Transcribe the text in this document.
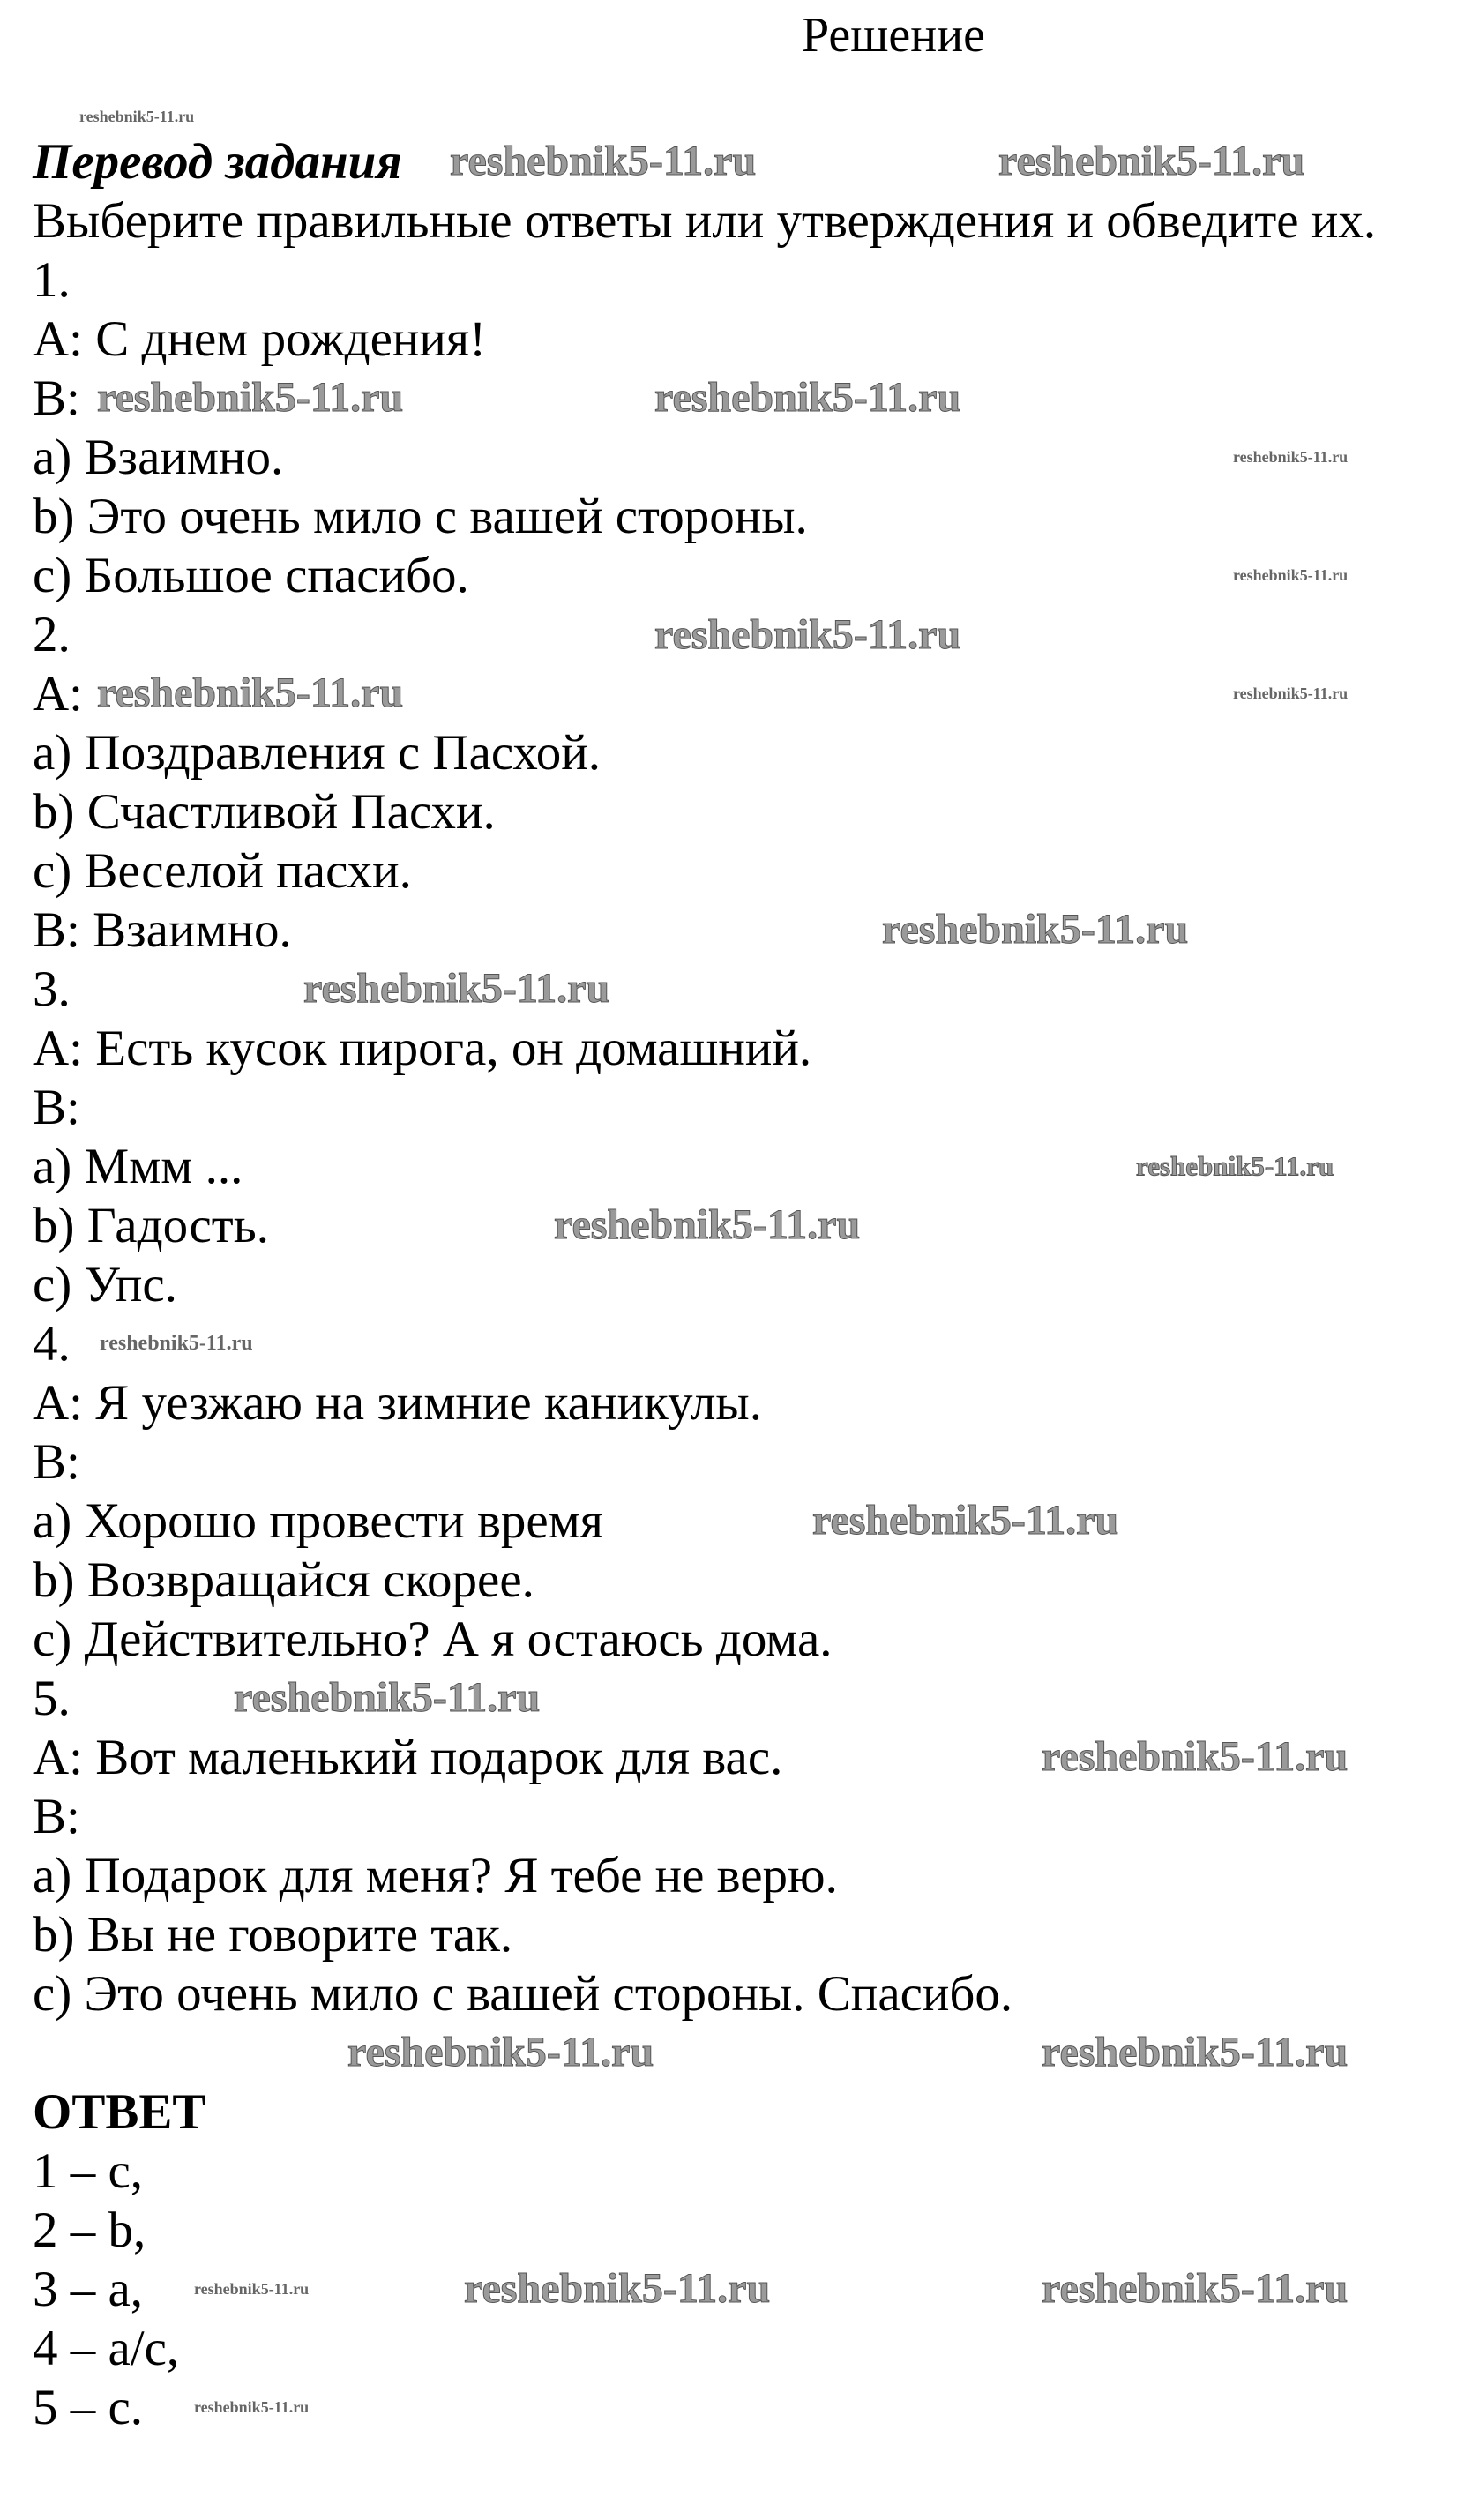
Решение
Перевод задания
Выберите правильные ответы или утверждения и обведите их.
1.
A: С днем рождения!
B:
a) Взаимно.
b) Это очень мило с вашей стороны.
c) Большое спасибо.
2.
A:
a) Поздравления с Пасхой.
b) Счастливой Пасхи.
c) Веселой пасхи.
B: Взаимно.
3.
A: Есть кусок пирога, он домашний.
B:
a) Ммм ...
b) Гадость.
c) Упс.
4.
A: Я уезжаю на зимние каникулы.
B:
a) Хорошо провести время
b) Возвращайся скорее.
c) Действительно? А я остаюсь дома.
5.
A: Вот маленький подарок для вас.
B:
a) Подарок для меня? Я тебе не верю.
b) Вы не говорите так.
c) Это очень мило с вашей стороны. Спасибо.
ОТВЕТ
1 – c,
2 – b,
3 – a,
4 – a/c,
5 – c.
reshebnik5-11.ru	reshebnik5-11.ru
reshebnik5-11.ru
reshebnik5-11.ru	reshebnik5-11.ru
reshebnik5-11.ru
reshebnik5-11.ru
reshebnik5-11.ru
reshebnik5-11.ru
reshebnik5-11.ru
reshebnik5-11.ru
reshebnik5-11.ru
reshebnik5-11.ru
reshebnik5-11.ru
reshebnik5-11.ru
reshebnik5-11.ru
reshebnik5-11.ru
reshebnik5-11.ru
reshebnik5-11.ru	reshebnik5-11.ru
reshebnik5-11.ru	reshebnik5-11.ru	reshebnik5-11.ru
reshebnik5-11.ru
